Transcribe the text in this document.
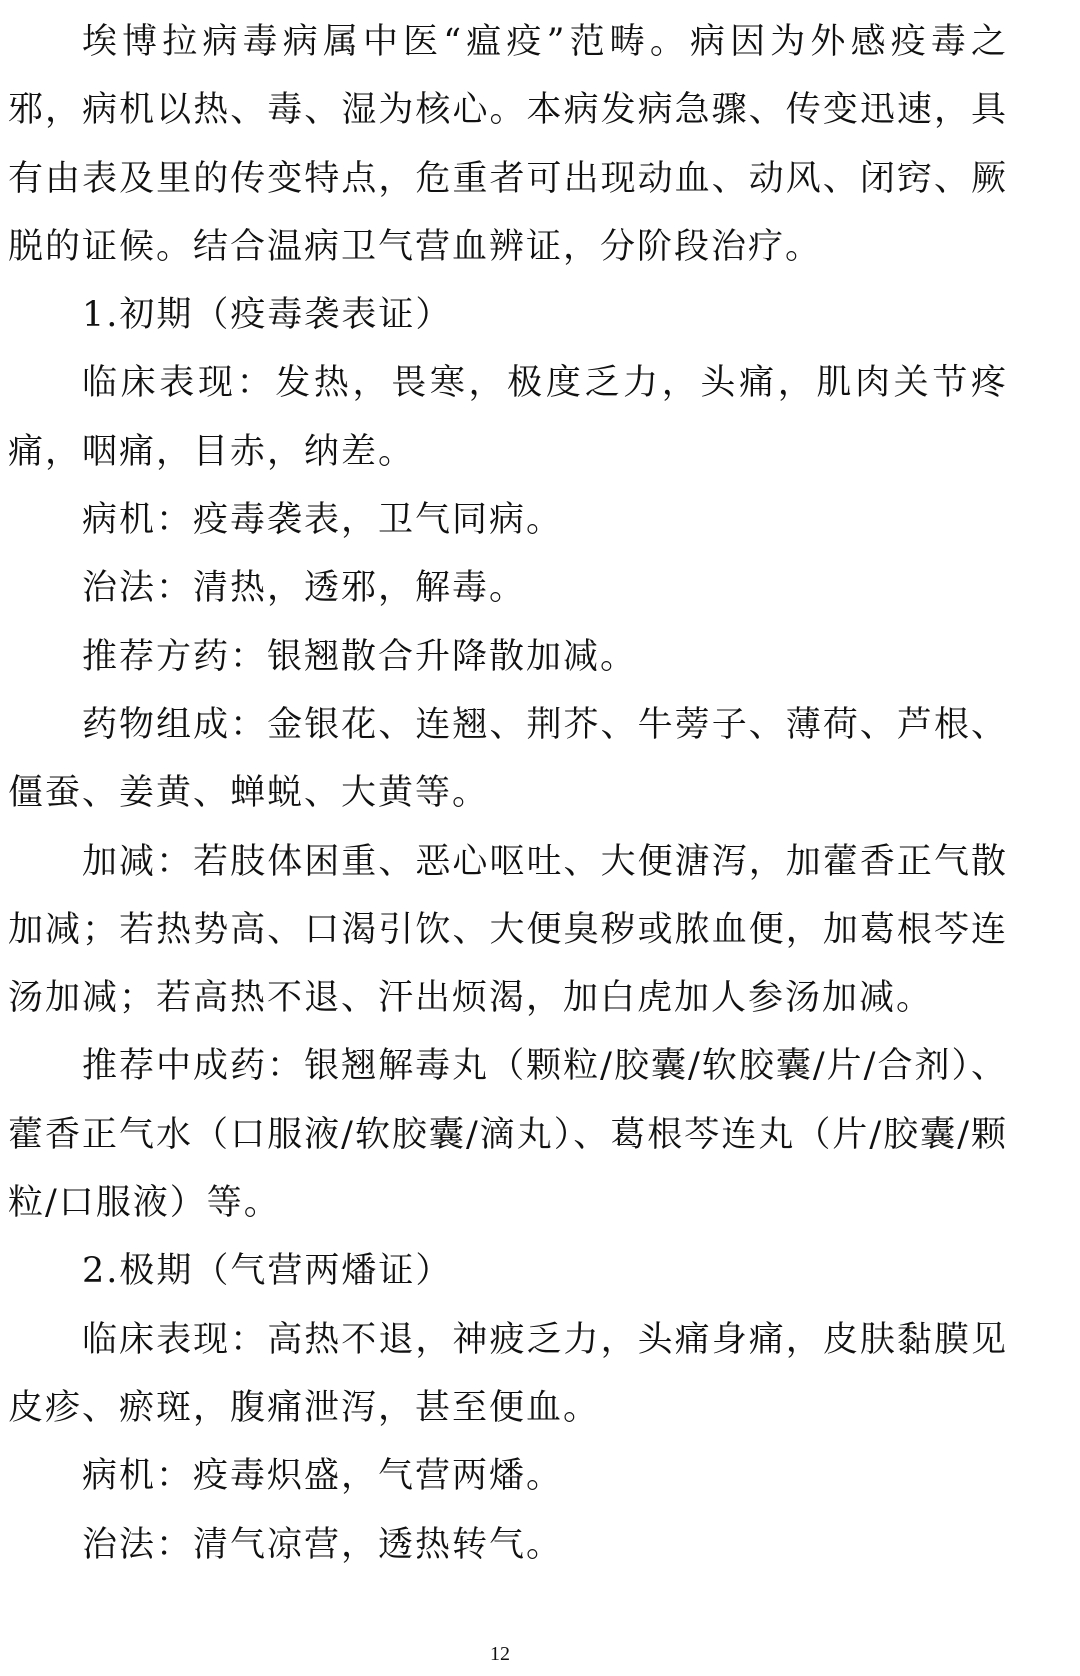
埃博拉病毒病属中医“瘟疫”范畴。病因为外感疫毒之邪，病机以热、毒、湿为核心。本病发病急骤、传变迅速，具有由表及里的传变特点，危重者可出现动血、动风、闭窍、厥脱的证候。结合温病卫气营血辨证，分阶段治疗。

1.初期（疫毒袭表证）

临床表现：发热，畏寒，极度乏力，头痛，肌肉关节疼痛，咽痛，目赤，纳差。

病机：疫毒袭表，卫气同病。

治法：清热，透邪，解毒。

推荐方药：银翘散合升降散加减。

药物组成：金银花、连翘、荆芥、牛蒡子、薄荷、芦根、僵蚕、姜黄、蝉蜕、大黄等。

加减：若肢体困重、恶心呕吐、大便溏泻，加藿香正气散加减；若热势高、口渴引饮、大便臭秽或脓血便，加葛根芩连汤加减；若高热不退、汗出烦渴，加白虎加人参汤加减。

推荐中成药：银翘解毒丸（颗粒/胶囊/软胶囊/片/合剂）、藿香正气水（口服液/软胶囊/滴丸）、葛根芩连丸（片/胶囊/颗粒/口服液）等。

2.极期（气营两燔证）

临床表现：高热不退，神疲乏力，头痛身痛，皮肤黏膜见皮疹、瘀斑，腹痛泄泻，甚至便血。

病机：疫毒炽盛，气营两燔。

治法：清气凉营，透热转气。

12
